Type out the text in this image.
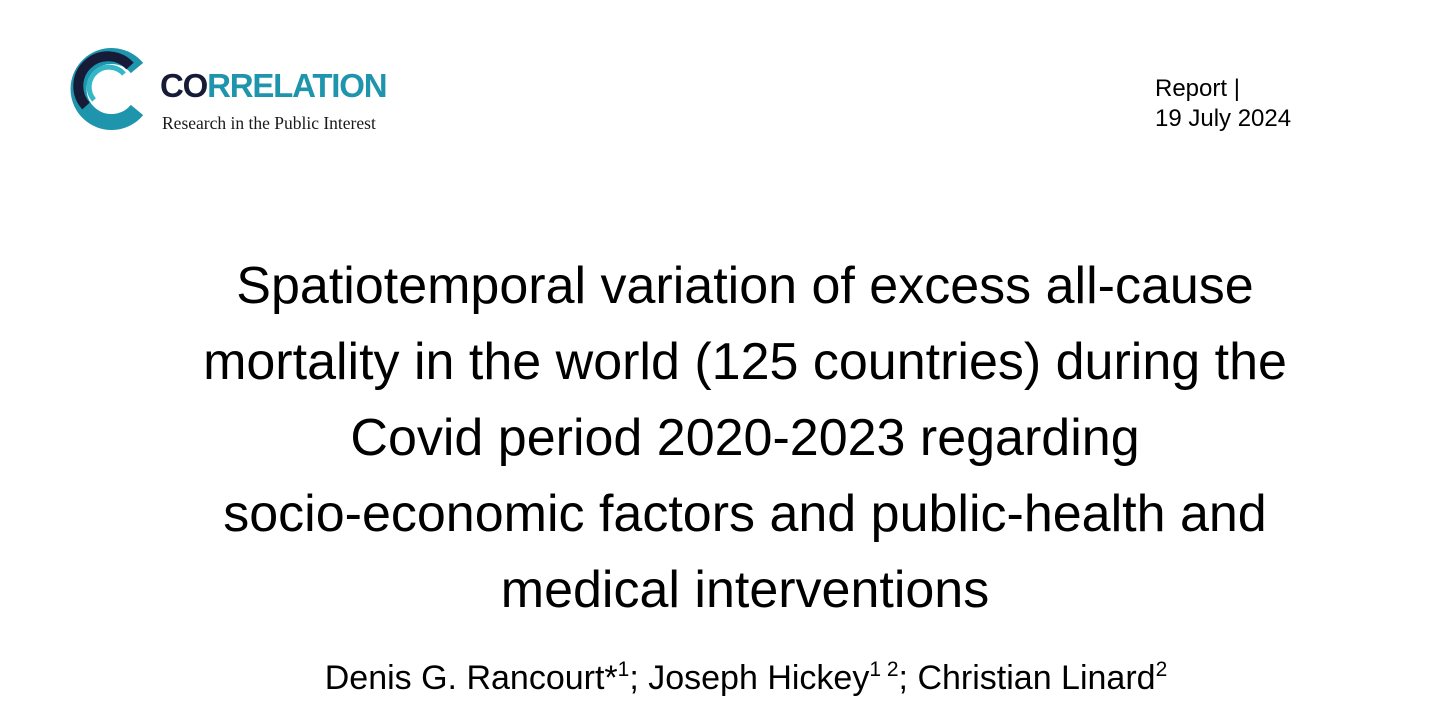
CORRELATION
Research in the Public Interest
Report |
19 July 2024
Spatiotemporal variation of excess all-cause
mortality in the world (125 countries) during the
Covid period 2020-2023 regarding
socio-economic factors and public-health and
medical interventions
Denis G. Rancourt*$^1$; Joseph Hickey$^{1 2}$; Christian Linard$^2$
